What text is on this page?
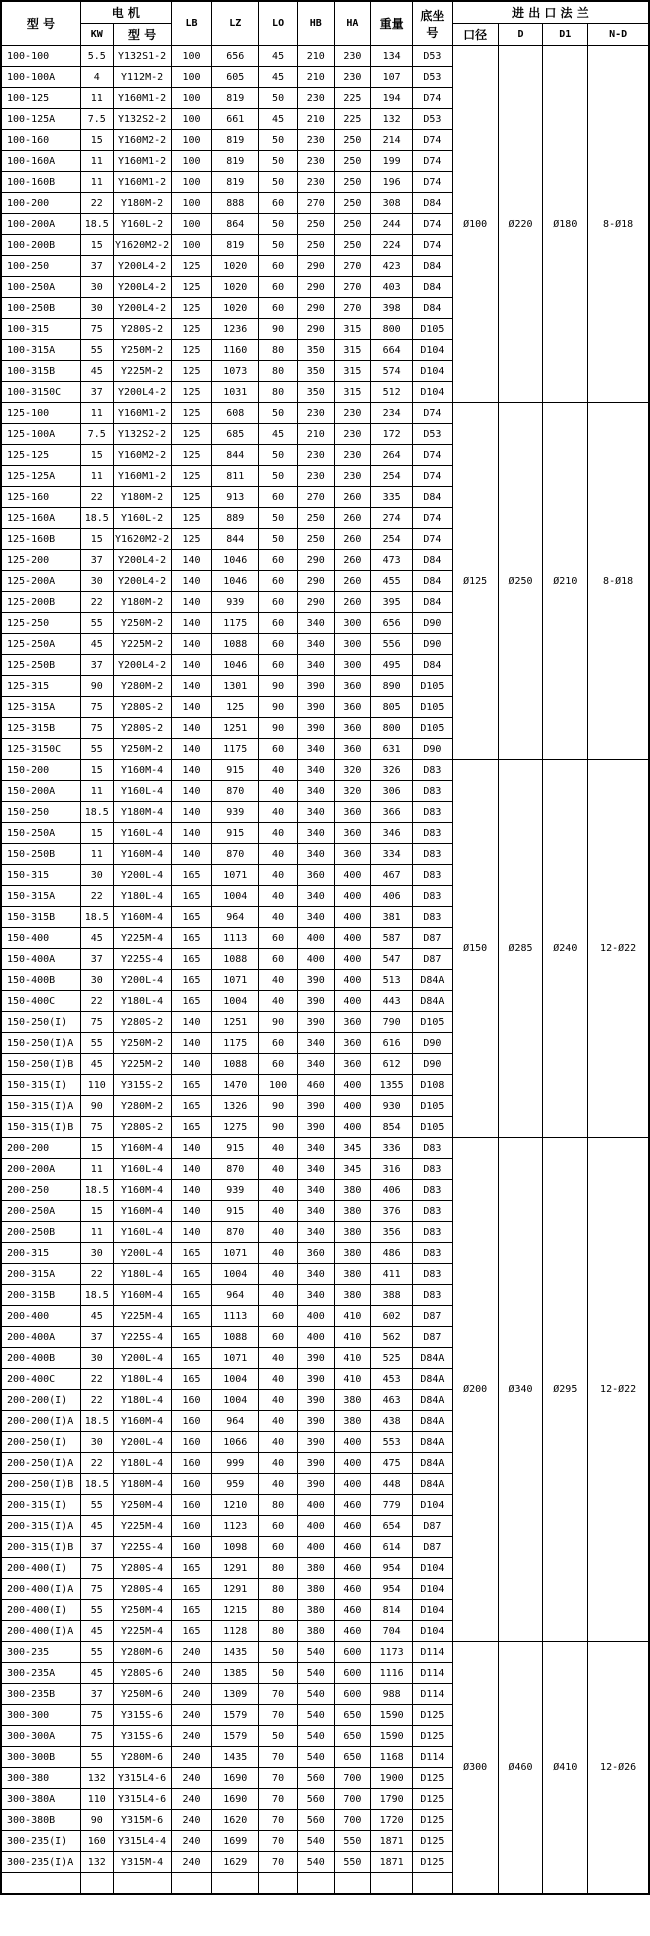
型 号	电 机		LB	LZ	LO	HB	HA	重量	底坐
号	进 出 口 法 兰			
	KW	型 号								口径	D	D1	N-D
100-100	5.5	Y132S1-2	100	656	45	210	230	134	D53	Ø100	Ø220	Ø180	8-Ø18
100-100A	4	Y112M-2	100	605	45	210	230	107	D53				
100-125	11	Y160M1-2	100	819	50	230	225	194	D74				
100-125A	7.5	Y132S2-2	100	661	45	210	225	132	D53				
100-160	15	Y160M2-2	100	819	50	230	250	214	D74				
100-160A	11	Y160M1-2	100	819	50	230	250	199	D74				
100-160B	11	Y160M1-2	100	819	50	230	250	196	D74				
100-200	22	Y180M-2	100	888	60	270	250	308	D84				
100-200A	18.5	Y160L-2	100	864	50	250	250	244	D74				
100-200B	15	Y1620M2-2	100	819	50	250	250	224	D74				
100-250	37	Y200L4-2	125	1020	60	290	270	423	D84				
100-250A	30	Y200L4-2	125	1020	60	290	270	403	D84				
100-250B	30	Y200L4-2	125	1020	60	290	270	398	D84				
100-315	75	Y280S-2	125	1236	90	290	315	800	D105				
100-315A	55	Y250M-2	125	1160	80	350	315	664	D104				
100-315B	45	Y225M-2	125	1073	80	350	315	574	D104				
100-3150C	37	Y200L4-2	125	1031	80	350	315	512	D104				
125-100	11	Y160M1-2	125	608	50	230	230	234	D74	Ø125	Ø250	Ø210	8-Ø18
125-100A	7.5	Y132S2-2	125	685	45	210	230	172	D53				
125-125	15	Y160M2-2	125	844	50	230	230	264	D74				
125-125A	11	Y160M1-2	125	811	50	230	230	254	D74				
125-160	22	Y180M-2	125	913	60	270	260	335	D84				
125-160A	18.5	Y160L-2	125	889	50	250	260	274	D74				
125-160B	15	Y1620M2-2	125	844	50	250	260	254	D74				
125-200	37	Y200L4-2	140	1046	60	290	260	473	D84				
125-200A	30	Y200L4-2	140	1046	60	290	260	455	D84				
125-200B	22	Y180M-2	140	939	60	290	260	395	D84				
125-250	55	Y250M-2	140	1175	60	340	300	656	D90				
125-250A	45	Y225M-2	140	1088	60	340	300	556	D90				
125-250B	37	Y200L4-2	140	1046	60	340	300	495	D84				
125-315	90	Y280M-2	140	1301	90	390	360	890	D105				
125-315A	75	Y280S-2	140	125	90	390	360	805	D105				
125-315B	75	Y280S-2	140	1251	90	390	360	800	D105				
125-3150C	55	Y250M-2	140	1175	60	340	360	631	D90				
150-200	15	Y160M-4	140	915	40	340	320	326	D83	Ø150	Ø285	Ø240	12-Ø22
150-200A	11	Y160L-4	140	870	40	340	320	306	D83				
150-250	18.5	Y180M-4	140	939	40	340	360	366	D83				
150-250A	15	Y160L-4	140	915	40	340	360	346	D83				
150-250B	11	Y160M-4	140	870	40	340	360	334	D83				
150-315	30	Y200L-4	165	1071	40	360	400	467	D83				
150-315A	22	Y180L-4	165	1004	40	340	400	406	D83				
150-315B	18.5	Y160M-4	165	964	40	340	400	381	D83				
150-400	45	Y225M-4	165	1113	60	400	400	587	D87				
150-400A	37	Y225S-4	165	1088	60	400	400	547	D87				
150-400B	30	Y200L-4	165	1071	40	390	400	513	D84A				
150-400C	22	Y180L-4	165	1004	40	390	400	443	D84A				
150-250(I)	75	Y280S-2	140	1251	90	390	360	790	D105				
150-250(I)A	55	Y250M-2	140	1175	60	340	360	616	D90				
150-250(I)B	45	Y225M-2	140	1088	60	340	360	612	D90				
150-315(I)	110	Y315S-2	165	1470	100	460	400	1355	D108				
150-315(I)A	90	Y280M-2	165	1326	90	390	400	930	D105				
150-315(I)B	75	Y280S-2	165	1275	90	390	400	854	D105				
200-200	15	Y160M-4	140	915	40	340	345	336	D83	Ø200	Ø340	Ø295	12-Ø22
200-200A	11	Y160L-4	140	870	40	340	345	316	D83				
200-250	18.5	Y160M-4	140	939	40	340	380	406	D83				
200-250A	15	Y160M-4	140	915	40	340	380	376	D83				
200-250B	11	Y160L-4	140	870	40	340	380	356	D83				
200-315	30	Y200L-4	165	1071	40	360	380	486	D83				
200-315A	22	Y180L-4	165	1004	40	340	380	411	D83				
200-315B	18.5	Y160M-4	165	964	40	340	380	388	D83				
200-400	45	Y225M-4	165	1113	60	400	410	602	D87				
200-400A	37	Y225S-4	165	1088	60	400	410	562	D87				
200-400B	30	Y200L-4	165	1071	40	390	410	525	D84A				
200-400C	22	Y180L-4	165	1004	40	390	410	453	D84A				
200-200(I)	22	Y180L-4	160	1004	40	390	380	463	D84A				
200-200(I)A	18.5	Y160M-4	160	964	40	390	380	438	D84A				
200-250(I)	30	Y200L-4	160	1066	40	390	400	553	D84A				
200-250(I)A	22	Y180L-4	160	999	40	390	400	475	D84A				
200-250(I)B	18.5	Y180M-4	160	959	40	390	400	448	D84A				
200-315(I)	55	Y250M-4	160	1210	80	400	460	779	D104				
200-315(I)A	45	Y225M-4	160	1123	60	400	460	654	D87				
200-315(I)B	37	Y225S-4	160	1098	60	400	460	614	D87				
200-400(I)	75	Y280S-4	165	1291	80	380	460	954	D104				
200-400(I)A	75	Y280S-4	165	1291	80	380	460	954	D104				
200-400(I)	55	Y250M-4	165	1215	80	380	460	814	D104				
200-400(I)A	45	Y225M-4	165	1128	80	380	460	704	D104				
300-235	55	Y280M-6	240	1435	50	540	600	1173	D114	Ø300	Ø460	Ø410	12-Ø26
300-235A	45	Y280S-6	240	1385	50	540	600	1116	D114				
300-235B	37	Y250M-6	240	1309	70	540	600	988	D114				
300-300	75	Y315S-6	240	1579	70	540	650	1590	D125				
300-300A	75	Y315S-6	240	1579	50	540	650	1590	D125				
300-300B	55	Y280M-6	240	1435	70	540	650	1168	D114				
300-380	132	Y315L4-6	240	1690	70	560	700	1900	D125				
300-380A	110	Y315L4-6	240	1690	70	560	700	1790	D125				
300-380B	90	Y315M-6	240	1620	70	560	700	1720	D125				
300-235(I)	160	Y315L4-4	240	1699	70	540	550	1871	D125				
300-235(I)A	132	Y315M-4	240	1629	70	540	550	1871	D125				
